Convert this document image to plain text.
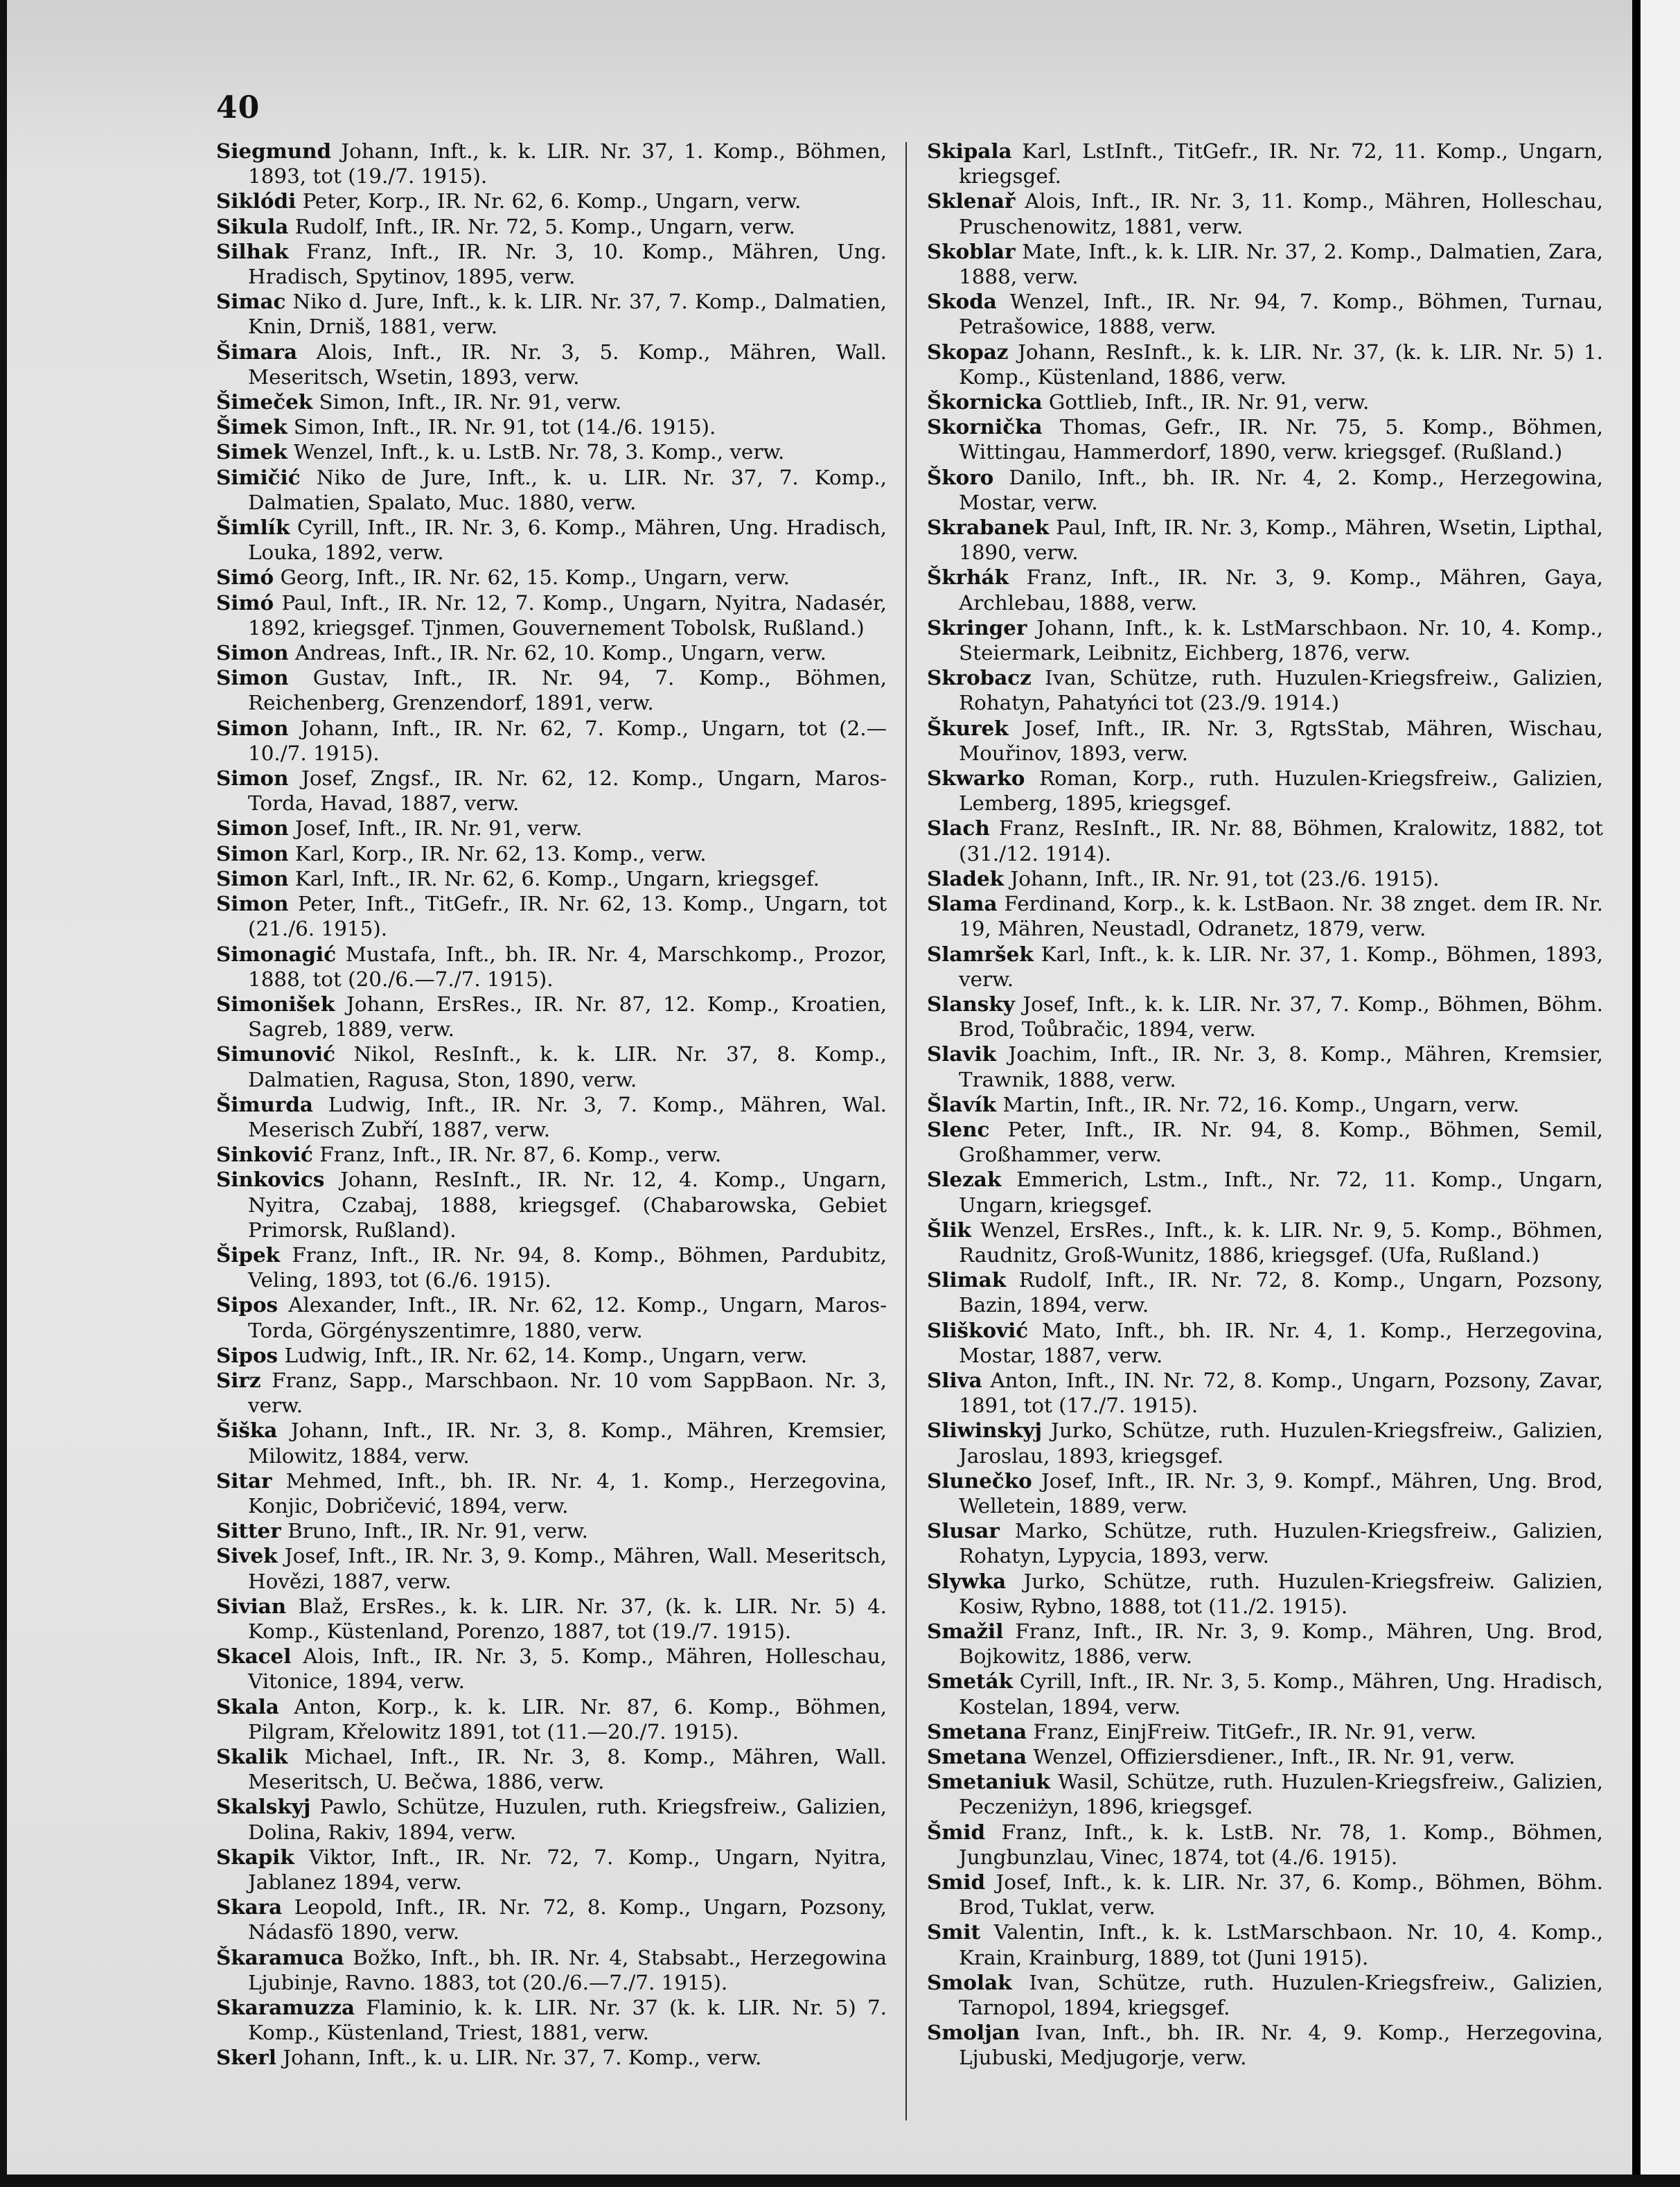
40

Siegmund Johann, Inft., k. k. LIR. Nr. 37, 1. Komp., Böhmen, 1893, tot (19./7. 1915).

Siklódi Peter, Korp., IR. Nr. 62, 6. Komp., Ungarn, verw.

Sikula Rudolf, Inft., IR. Nr. 72, 5. Komp., Ungarn, verw.

Silhak Franz, Inft., IR. Nr. 3, 10. Komp., Mähren, Ung. Hradisch, Spytinov, 1895, verw.

Simac Niko d. Jure, Inft., k. k. LIR. Nr. 37, 7. Komp., Dalmatien, Knin, Drniš, 1881, verw.

Šimara Alois, Inft., IR. Nr. 3, 5. Komp., Mähren, Wall. Meseritsch, Wsetin, 1893, verw.

Šimeček Simon, Inft., IR. Nr. 91, verw.

Šimek Simon, Inft., IR. Nr. 91, tot (14./6. 1915).

Simek Wenzel, Inft., k. u. LstB. Nr. 78, 3. Komp., verw.

Simičić Niko de Jure, Inft., k. u. LIR. Nr. 37, 7. Komp., Dalmatien, Spalato, Muc. 1880, verw.

Šimlík Cyrill, Inft., IR. Nr. 3, 6. Komp., Mähren, Ung. Hradisch, Louka, 1892, verw.

Simó Georg, Inft., IR. Nr. 62, 15. Komp., Ungarn, verw.

Simó Paul, Inft., IR. Nr. 12, 7. Komp., Ungarn, Nyitra, Nadasér, 1892, kriegsgef. Tjnmen, Gouvernement Tobolsk, Rußland.)

Simon Andreas, Inft., IR. Nr. 62, 10. Komp., Ungarn, verw.

Simon Gustav, Inft., IR. Nr. 94, 7. Komp., Böhmen, Reichenberg, Grenzendorf, 1891, verw.

Simon Johann, Inft., IR. Nr. 62, 7. Komp., Ungarn, tot (2.—10./7. 1915).

Simon Josef, Zngsf., IR. Nr. 62, 12. Komp., Ungarn, Maros-Torda, Havad, 1887, verw.

Simon Josef, Inft., IR. Nr. 91, verw.

Simon Karl, Korp., IR. Nr. 62, 13. Komp., verw.

Simon Karl, Inft., IR. Nr. 62, 6. Komp., Ungarn, kriegsgef.

Simon Peter, Inft., TitGefr., IR. Nr. 62, 13. Komp., Ungarn, tot (21./6. 1915).

Simonagić Mustafa, Inft., bh. IR. Nr. 4, Marschkomp., Prozor, 1888, tot (20./6.—7./7. 1915).

Simonišek Johann, ErsRes., IR. Nr. 87, 12. Komp., Kroatien, Sagreb, 1889, verw.

Simunović Nikol, ResInft., k. k. LIR. Nr. 37, 8. Komp., Dalmatien, Ragusa, Ston, 1890, verw.

Šimurda Ludwig, Inft., IR. Nr. 3, 7. Komp., Mähren, Wal. Meserisch Zubří, 1887, verw.

Sinković Franz, Inft., IR. Nr. 87, 6. Komp., verw.

Sinkovics Johann, ResInft., IR. Nr. 12, 4. Komp., Ungarn, Nyitra, Czabaj, 1888, kriegsgef. (Chabarowska, Gebiet Primorsk, Rußland).

Šipek Franz, Inft., IR. Nr. 94, 8. Komp., Böhmen, Pardubitz, Veling, 1893, tot (6./6. 1915).

Sipos Alexander, Inft., IR. Nr. 62, 12. Komp., Ungarn, Maros-Torda, Görgényszentimre, 1880, verw.

Sipos Ludwig, Inft., IR. Nr. 62, 14. Komp., Ungarn, verw.

Sirz Franz, Sapp., Marschbaon. Nr. 10 vom SappBaon. Nr. 3, verw.

Šiška Johann, Inft., IR. Nr. 3, 8. Komp., Mähren, Kremsier, Milowitz, 1884, verw.

Sitar Mehmed, Inft., bh. IR. Nr. 4, 1. Komp., Herzegovina, Konjic, Dobričević, 1894, verw.

Sitter Bruno, Inft., IR. Nr. 91, verw.

Sivek Josef, Inft., IR. Nr. 3, 9. Komp., Mähren, Wall. Meseritsch, Hovězi, 1887, verw.

Sivian Blaž, ErsRes., k. k. LIR. Nr. 37, (k. k. LIR. Nr. 5) 4. Komp., Küstenland, Porenzo, 1887, tot (19./7. 1915).

Skacel Alois, Inft., IR. Nr. 3, 5. Komp., Mähren, Holleschau, Vitonice, 1894, verw.

Skala Anton, Korp., k. k. LIR. Nr. 87, 6. Komp., Böhmen, Pilgram, Křelowitz 1891, tot (11.—20./7. 1915).

Skalik Michael, Inft., IR. Nr. 3, 8. Komp., Mähren, Wall. Meseritsch, U. Bečwa, 1886, verw.

Skalskyj Pawlo, Schütze, Huzulen, ruth. Kriegsfreiw., Galizien, Dolina, Rakiv, 1894, verw.

Skapik Viktor, Inft., IR. Nr. 72, 7. Komp., Ungarn, Nyitra, Jablanez 1894, verw.

Skara Leopold, Inft., IR. Nr. 72, 8. Komp., Ungarn, Pozsony, Nádasfö 1890, verw.

Škaramuca Božko, Inft., bh. IR. Nr. 4, Stabsabt., Herzegowina Ljubinje, Ravno. 1883, tot (20./6.—7./7. 1915).

Skaramuzza Flaminio, k. k. LIR. Nr. 37 (k. k. LIR. Nr. 5) 7. Komp., Küstenland, Triest, 1881, verw.

Skerl Johann, Inft., k. u. LIR. Nr. 37, 7. Komp., verw.

Skipala Karl, LstInft., TitGefr., IR. Nr. 72, 11. Komp., Ungarn, kriegsgef.

Sklenař Alois, Inft., IR. Nr. 3, 11. Komp., Mähren, Holleschau, Pruschenowitz, 1881, verw.

Skoblar Mate, Inft., k. k. LIR. Nr. 37, 2. Komp., Dalmatien, Zara, 1888, verw.

Skoda Wenzel, Inft., IR. Nr. 94, 7. Komp., Böhmen, Turnau, Petrašowice, 1888, verw.

Skopaz Johann, ResInft., k. k. LIR. Nr. 37, (k. k. LIR. Nr. 5) 1. Komp., Küstenland, 1886, verw.

Škornicka Gottlieb, Inft., IR. Nr. 91, verw.

Skornička Thomas, Gefr., IR. Nr. 75, 5. Komp., Böhmen, Wittingau, Hammerdorf, 1890, verw. kriegsgef. (Rußland.)

Škoro Danilo, Inft., bh. IR. Nr. 4, 2. Komp., Herzegowina, Mostar, verw.

Skrabanek Paul, Inft, IR. Nr. 3, Komp., Mähren, Wsetin, Lipthal, 1890, verw.

Škrhák Franz, Inft., IR. Nr. 3, 9. Komp., Mähren, Gaya, Archlebau, 1888, verw.

Skringer Johann, Inft., k. k. LstMarschbaon. Nr. 10, 4. Komp., Steiermark, Leibnitz, Eichberg, 1876, verw.

Skrobacz Ivan, Schütze, ruth. Huzulen-Kriegsfreiw., Galizien, Rohatyn, Pahatyńci tot (23./9. 1914.)

Škurek Josef, Inft., IR. Nr. 3, RgtsStab, Mähren, Wischau, Mouřinov, 1893, verw.

Skwarko Roman, Korp., ruth. Huzulen-Kriegsfreiw., Galizien, Lemberg, 1895, kriegsgef.

Slach Franz, ResInft., IR. Nr. 88, Böhmen, Kralowitz, 1882, tot (31./12. 1914).

Sladek Johann, Inft., IR. Nr. 91, tot (23./6. 1915).

Slama Ferdinand, Korp., k. k. LstBaon. Nr. 38 znget. dem IR. Nr. 19, Mähren, Neustadl, Odranetz, 1879, verw.

Slamršek Karl, Inft., k. k. LIR. Nr. 37, 1. Komp., Böhmen, 1893, verw.

Slansky Josef, Inft., k. k. LIR. Nr. 37, 7. Komp., Böhmen, Böhm. Brod, Toůbračic, 1894, verw.

Slavik Joachim, Inft., IR. Nr. 3, 8. Komp., Mähren, Kremsier, Trawnik, 1888, verw.

Šlavík Martin, Inft., IR. Nr. 72, 16. Komp., Ungarn, verw.

Slenc Peter, Inft., IR. Nr. 94, 8. Komp., Böhmen, Semil, Großhammer, verw.

Slezak Emmerich, Lstm., Inft., Nr. 72, 11. Komp., Ungarn, Ungarn, kriegsgef.

Šlik Wenzel, ErsRes., Inft., k. k. LIR. Nr. 9, 5. Komp., Böhmen, Raudnitz, Groß-Wunitz, 1886, kriegsgef. (Ufa, Rußland.)

Slimak Rudolf, Inft., IR. Nr. 72, 8. Komp., Ungarn, Pozsony, Bazin, 1894, verw.

Slišković Mato, Inft., bh. IR. Nr. 4, 1. Komp., Herzegovina, Mostar, 1887, verw.

Sliva Anton, Inft., IN. Nr. 72, 8. Komp., Ungarn, Pozsony, Zavar, 1891, tot (17./7. 1915).

Sliwinskyj Jurko, Schütze, ruth. Huzulen-Kriegsfreiw., Galizien, Jaroslau, 1893, kriegsgef.

Slunečko Josef, Inft., IR. Nr. 3, 9. Kompf., Mähren, Ung. Brod, Welletein, 1889, verw.

Slusar Marko, Schütze, ruth. Huzulen-Kriegsfreiw., Galizien, Rohatyn, Lypycia, 1893, verw.

Slywka Jurko, Schütze, ruth. Huzulen-Kriegsfreiw. Galizien, Kosiw, Rybno, 1888, tot (11./2. 1915).

Smažil Franz, Inft., IR. Nr. 3, 9. Komp., Mähren, Ung. Brod, Bojkowitz, 1886, verw.

Smeták Cyrill, Inft., IR. Nr. 3, 5. Komp., Mähren, Ung. Hradisch, Kostelan, 1894, verw.

Smetana Franz, EinjFreiw. TitGefr., IR. Nr. 91, verw.

Smetana Wenzel, Offiziersdiener., Inft., IR. Nr. 91, verw.

Smetaniuk Wasil, Schütze, ruth. Huzulen-Kriegsfreiw., Galizien, Peczeniżyn, 1896, kriegsgef.

Šmid Franz, Inft., k. k. LstB. Nr. 78, 1. Komp., Böhmen, Jungbunzlau, Vinec, 1874, tot (4./6. 1915).

Smid Josef, Inft., k. k. LIR. Nr. 37, 6. Komp., Böhmen, Böhm. Brod, Tuklat, verw.

Smit Valentin, Inft., k. k. LstMarschbaon. Nr. 10, 4. Komp., Krain, Krainburg, 1889, tot (Juni 1915).

Smolak Ivan, Schütze, ruth. Huzulen-Kriegsfreiw., Galizien, Tarnopol, 1894, kriegsgef.

Smoljan Ivan, Inft., bh. IR. Nr. 4, 9. Komp., Herzegovina, Ljubuski, Medjugorje, verw.
